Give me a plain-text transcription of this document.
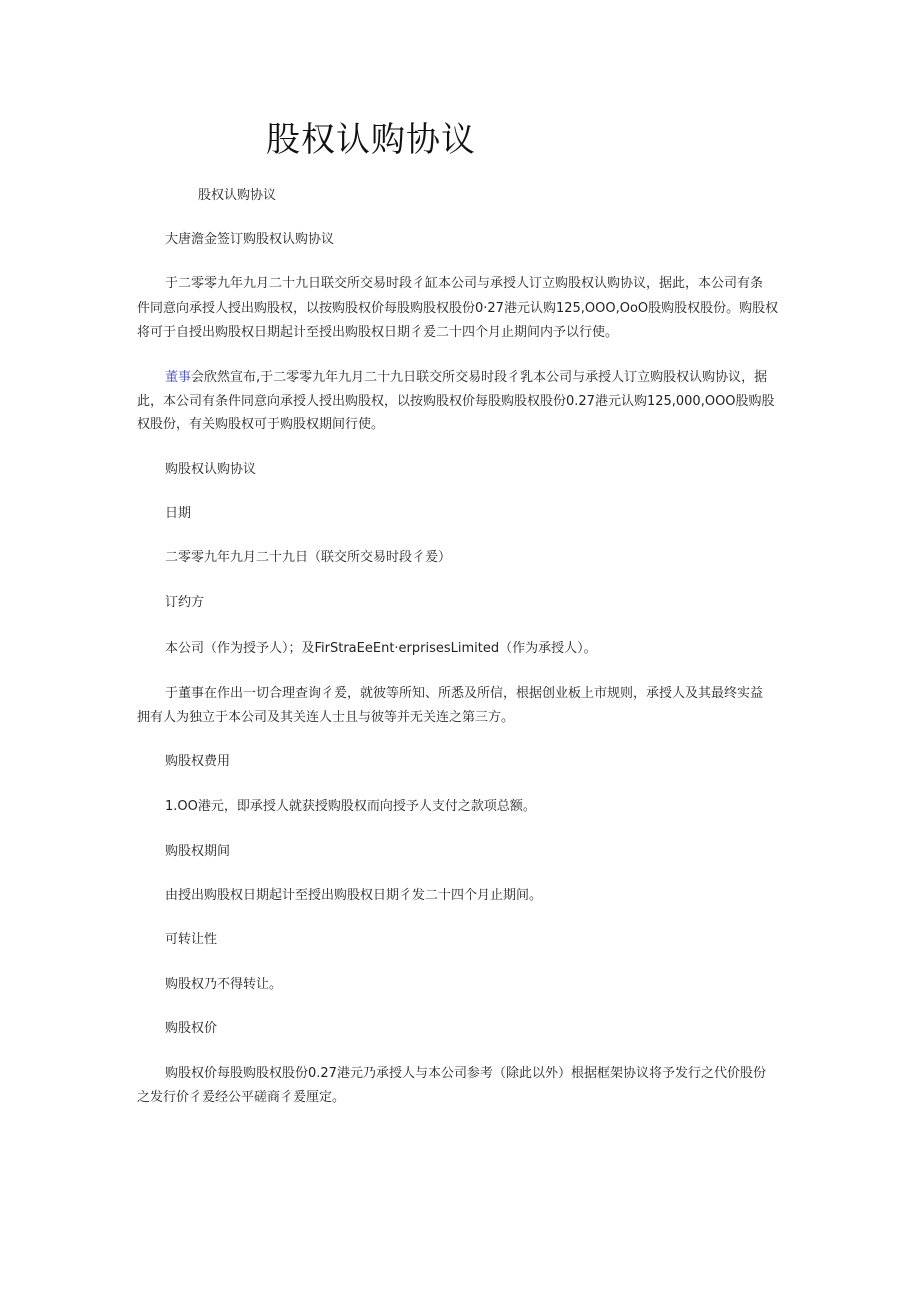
股权认购协议
股权认购协议
大唐澹金签订购股权认购协议
于二零零九年九月二十九日联交所交易时段彳缸本公司与承授人订立购股权认购协议，据此，本公司有条
件同意向承授人授出购股权，以按购股权价每股购股权股份0·27港元认购125,OOO,OoO股购股权股份。购股权
将可于自授出购股权日期起计至授出购股权日期彳爰二十四个月止期间内予以行使。
董事会欣然宣布,于二零零九年九月二十九日联交所交易时段彳乳本公司与承授人订立购股权认购协议，据
此，本公司有条件同意向承授人授出购股权，以按购股权价每股购股权股份0.27港元认购125,000,OOO股购股
权股份，有关购股权可于购股权期间行使。
购股权认购协议
日期
二零零九年九月二十九日（联交所交易时段彳爰）
订约方
本公司（作为授予人）；及FirStraEeEnt·erprisesLimited（作为承授人）。
于董事在作出一切合理查询彳爰，就彼等所知、所悉及所信，根据创业板上市规则，承授人及其最终实益
拥有人为独立于本公司及其关连人士且与彼等并无关连之第三方。
购股权费用
1.OO港元，即承授人就获授购股权而向授予人支付之款项总额。
购股权期间
由授出购股权日期起计至授出购股权日期彳发二十四个月止期间。
可转让性
购股权乃不得转让。
购股权价
购股权价每股购股权股份0.27港元乃承授人与本公司参考（除此以外）根据框架协议将予发行之代价股份
之发行价彳爰经公平磋商彳爰厘定。
